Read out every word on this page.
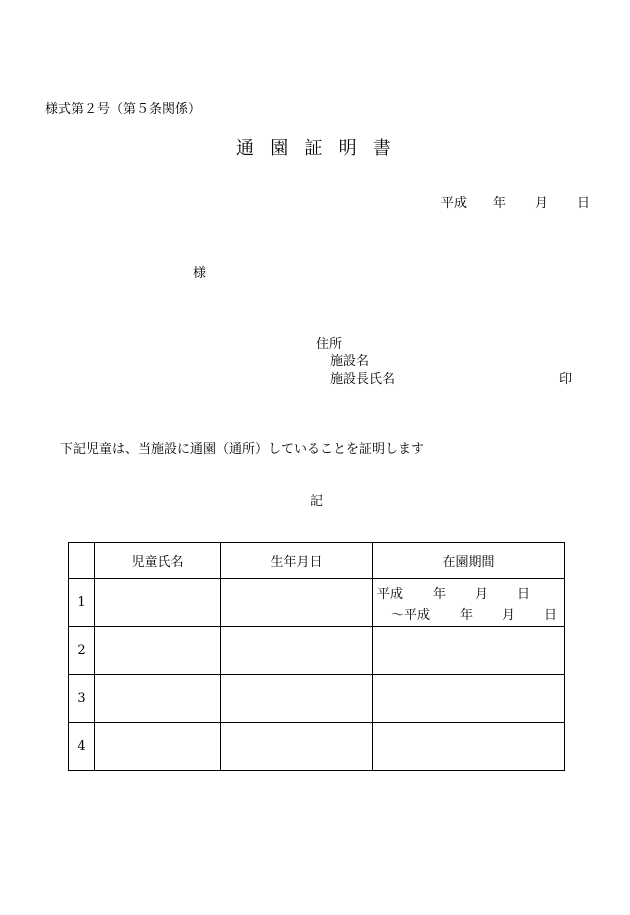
様式第２号（第５条関係）
通園証明書
平成 年 月 日
様
住所
施設名
施設長氏名	印
下記児童は、当施設に通園（通所）していることを証明します
記
	児童氏名	生年月日	在園期間
1			平成 年 月 日
～平成 年 月 日

2			
3			
4			
